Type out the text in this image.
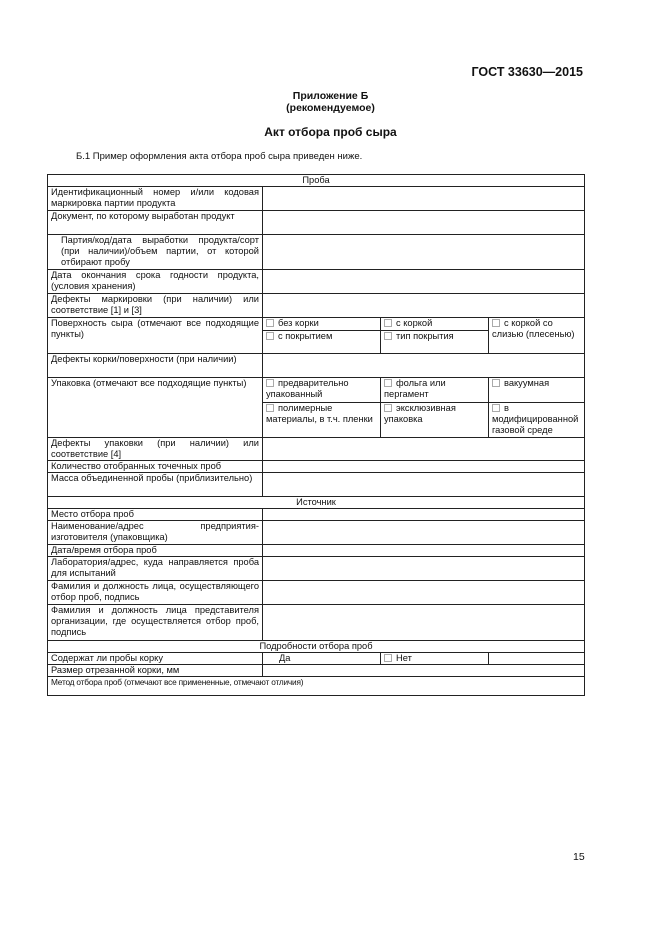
ГОСТ 33630—2015
Приложение Б
(рекомендуемое)
Акт отбора проб сыра
Б.1 Пример оформления акта отбора проб сыра приведен ниже.
Проба			
Идентификационный номер и/или кодовая маркировка партии продукта			
Документ, по которому выработан продукт			

Партия/код/дата выработки продукта/сорт (при наличии)/объем партии, от которой отбирают пробу			

Дата окончания срока годности продукта, (условия хранения)			
Дефекты маркировки (при наличии) или соответствие [1] и [3]			
Поверхность сыра (отмечают все подходящие пункты)	без корки	с коркой	с коркой со слизью (плесенью)
	с покрытием	тип покрытия	
Дефекты корки/поверхности (при наличии)			
Упаковка (отмечают все подходящие пункты)	предварительно упакованный	фольга или пергамент	вакуумная
	полимерные материалы, в т.ч. пленки	эксклюзивная упаковка	в модифицированной газовой среде
Дефекты упаковки (при наличии) или соответствие [4]			
Количество отобранных точечных проб			
Масса объединенной пробы (приблизительно)			
Источник			
Место отбора проб			
Наименование/адрес предприятия-изготовителя (упаковщика)			
Дата/время отбора проб			
Лаборатория/адрес, куда направляется проба для испытаний			
Фамилия и должность лица, осуществляющего отбор проб, подпись			
Фамилия и должность лица представителя организации, где осуществляется отбор проб, подпись			
Подробности отбора проб			
Содержат ли пробы корку	Да	Нет	
Размер отрезанной корки, мм			
Метод отбора проб (отмечают все примененные, отмечают отличия)			
15
